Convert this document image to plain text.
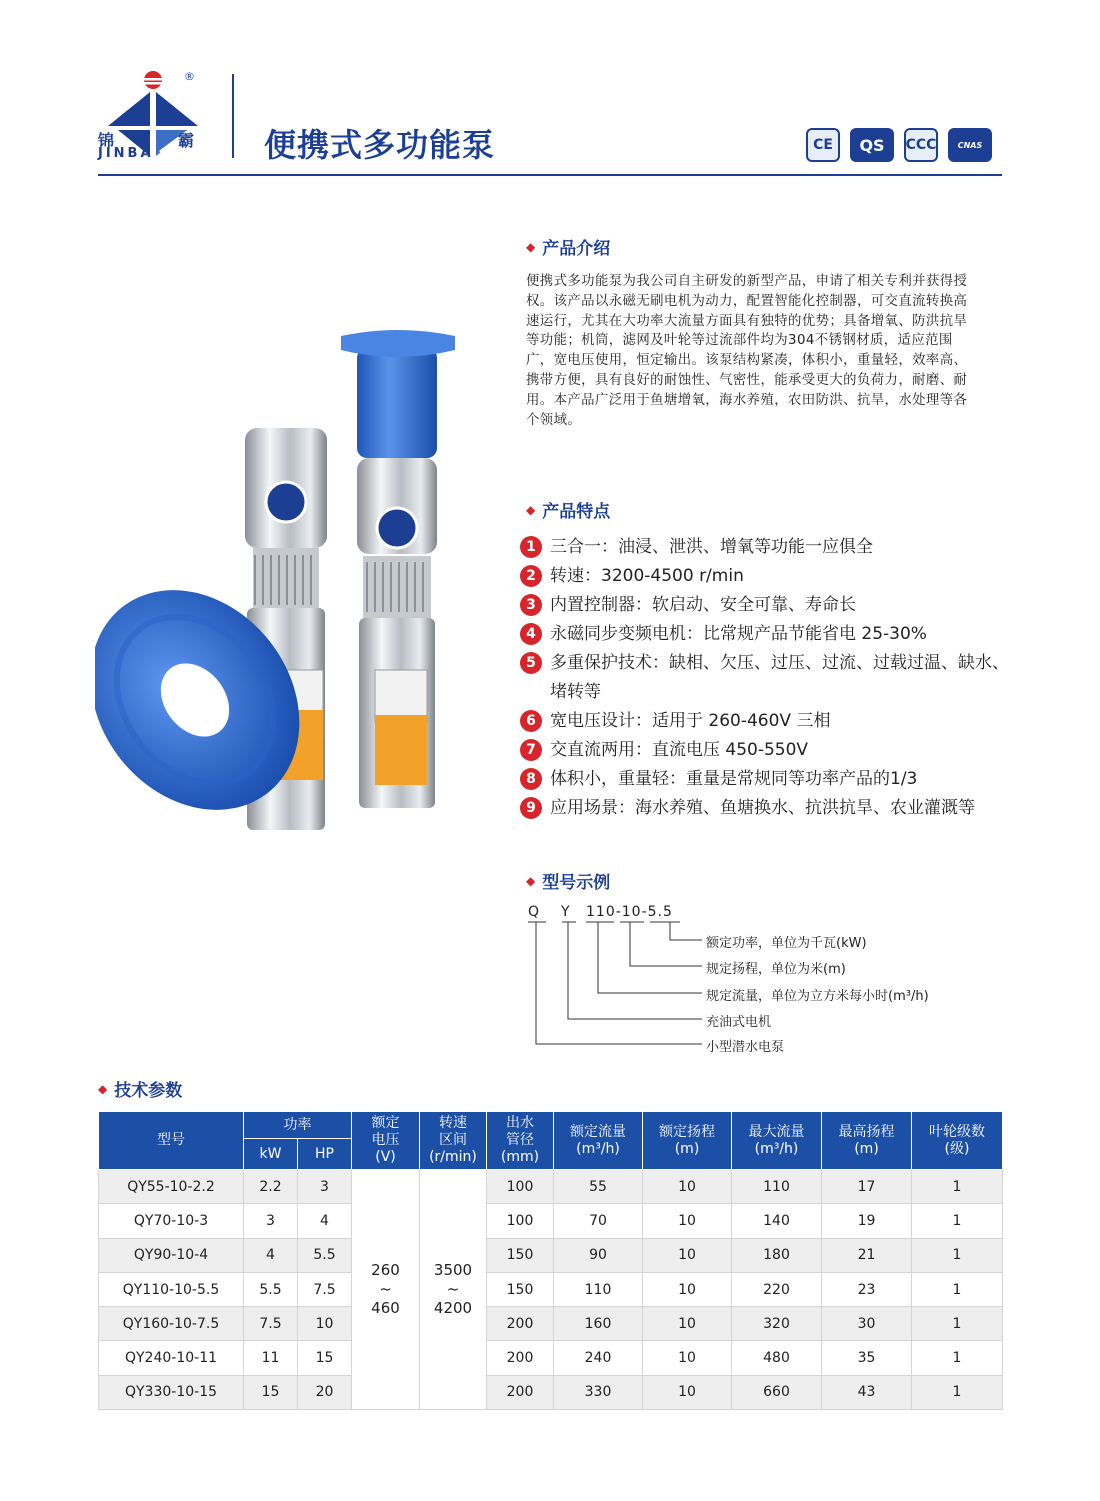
®
锦	霸
JINBA	便携式多功能泵	CE	QS	CCC	CNAS
◆ 产品介绍

便携式多功能泵为我公司自主研发的新型产品，申请了相关专利并获得授权。该产品以永磁无刷电机为动力，配置智能化控制器，可交直流转换高速运行，尤其在大功率大流量方面具有独特的优势；具备增氧、防洪抗旱等功能；机筒，滤网及叶轮等过流部件均为304不锈钢材质，适应范围广，宽电压使用，恒定输出。该泵结构紧凑，体积小，重量轻，效率高、携带方便，具有良好的耐蚀性、气密性，能承受更大的负荷力，耐磨、耐用。本产品广泛用于鱼塘增氧，海水养殖，农田防洪、抗旱，水处理等各个领域。

◆ 产品特点
1 三合一：油浸、泄洪、增氧等功能一应俱全
2 转速：3200-4500 r/min
3 内置控制器：软启动、安全可靠、寿命长
4 永磁同步变频电机：比常规产品节能省电 25-30%
5 多重保护技术：缺相、欠压、过压、过流、过载过温、缺水、堵转等
6 宽电压设计：适用于 260-460V 三相
7 交直流两用：直流电压 450-550V
8 体积小，重量轻：重量是常规同等功率产品的1/3
9 应用场景：海水养殖、鱼塘换水、抗洪抗旱、农业灌溉等
◆ 型号示例
Q Y 110-10-5.5
额定功率，单位为千瓦(kW)
规定扬程，单位为米(m)
规定流量，单位为立方米每小时(m³/h)
充油式电机
小型潜水电泵
◆ 技术参数
型号	功率		额定
电压
(V)	转速
区间
(r/min)	出水
管径
(mm)	额定流量
(m³/h)	额定扬程
(m)	最大流量
(m³/h)	最高扬程
(m)	叶轮级数
(级)
	kW	HP								
QY55-10-2.2	2.2	3	260
~
460	3500
~
4200	100	55	10	110	17	1
QY70-10-3	3	4			100	70	10	140	19	1
QY90-10-4	4	5.5			150	90	10	180	21	1
QY110-10-5.5	5.5	7.5			150	110	10	220	23	1
QY160-10-7.5	7.5	10			200	160	10	320	30	1
QY240-10-11	11	15			200	240	10	480	35	1
QY330-10-15	15	20			200	330	10	660	43	1
